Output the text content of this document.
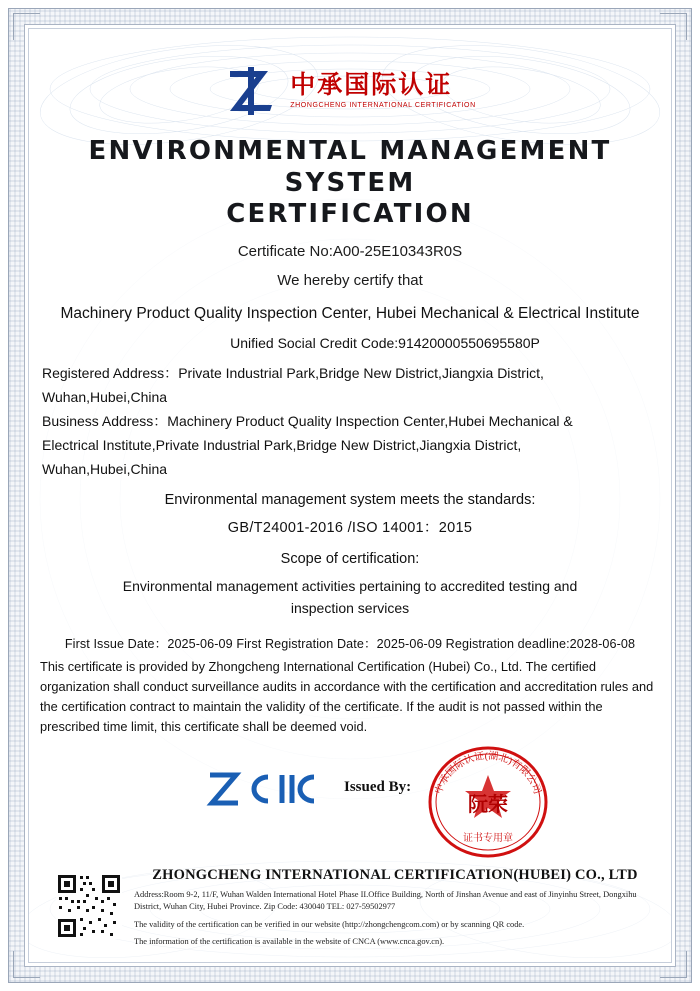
中承国际认证
ZHONGCHENG INTERNATIONAL CERTIFICATION
ENVIRONMENTAL MANAGEMENT SYSTEM
CERTIFICATION
Certificate No:A00-25E10343R0S
We hereby certify that
Machinery Product Quality Inspection Center, Hubei Mechanical & Electrical Institute
Unified Social Credit Code:91420000550695580P
Registered Address：Private Industrial Park,Bridge New District,Jiangxia District,
Wuhan,Hubei,China
Business Address：Machinery Product Quality Inspection Center,Hubei Mechanical &
Electrical Institute,Private Industrial Park,Bridge New District,Jiangxia District,
Wuhan,Hubei,China
Environmental management system meets the standards:
GB/T24001-2016 /ISO 14001：2015
Scope of certification:
Environmental management activities pertaining to accredited testing and
inspection services
First Issue Date：2025-06-09 First Registration Date：2025-06-09 Registration deadline:2028-06-08
This certificate is provided by Zhongcheng International Certification (Hubei) Co., Ltd. The certified organization shall conduct surveillance audits in accordance with the certification and accreditation rules and the certification contract to maintain the validity of the certificate. If the audit is not passed within the prescribed time limit, this certificate shall be deemed void.
Issued By: 中承国际认证(湖北)有限公司
阮荣
证书专用章
ZHONGCHENG INTERNATIONAL CERTIFICATION(HUBEI) CO., LTD
Address:Room 9-2, 11/F, Wuhan Walden International Hotel Phase II.Office Building, North of Jinshan Avenue and east of Jinyinhu Street, Dongxihu District, Wuhan City, Hubei Province. Zip Code: 430040 TEL: 027-59502977
The validity of the certification can be verified in our website (http://zhongchengcom.com) or by scanning QR code.
The information of the certification is available in the website of CNCA (www.cnca.gov.cn).
